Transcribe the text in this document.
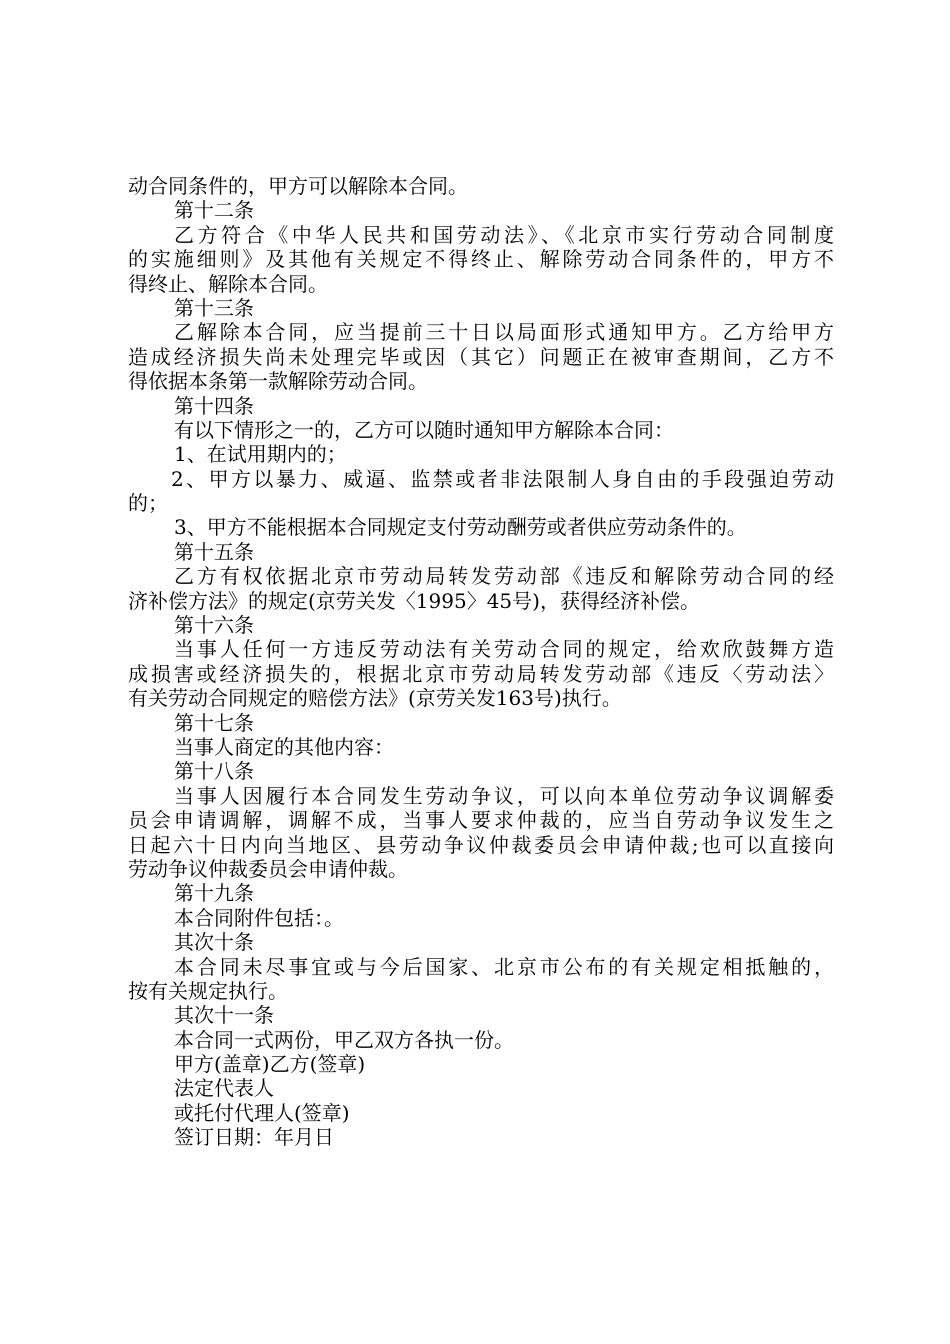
动合同条件的，甲方可以解除本合同。
第十二条
乙方符合《中华人民共和国劳动法》、《北京市实行劳动合同制度
的实施细则》及其他有关规定不得终止、解除劳动合同条件的，甲方不
得终止、解除本合同。
第十三条
乙解除本合同，应当提前三十日以局面形式通知甲方。乙方给甲方
造成经济损失尚未处理完毕或因（其它）问题正在被审查期间，乙方不
得依据本条第一款解除劳动合同。
第十四条
有以下情形之一的，乙方可以随时通知甲方解除本合同：
1、在试用期内的；
2、甲方以暴力、威逼、监禁或者非法限制人身自由的手段强迫劳动
的；
3、甲方不能根据本合同规定支付劳动酬劳或者供应劳动条件的。
第十五条
乙方有权依据北京市劳动局转发劳动部《违反和解除劳动合同的经
济补偿方法》的规定(京劳关发〈1995〉45号)，获得经济补偿。
第十六条
当事人任何一方违反劳动法有关劳动合同的规定，给欢欣鼓舞方造
成损害或经济损失的，根据北京市劳动局转发劳动部《违反〈劳动法〉
有关劳动合同规定的赔偿方法》(京劳关发163号)执行。
第十七条
当事人商定的其他内容：
第十八条
当事人因履行本合同发生劳动争议，可以向本单位劳动争议调解委
员会申请调解，调解不成，当事人要求仲裁的，应当自劳动争议发生之
日起六十日内向当地区、县劳动争议仲裁委员会申请仲裁;也可以直接向
劳动争议仲裁委员会申请仲裁。
第十九条
本合同附件包括：。
其次十条
本合同未尽事宜或与今后国家、北京市公布的有关规定相抵触的，
按有关规定执行。
其次十一条
本合同一式两份，甲乙双方各执一份。
甲方(盖章)乙方(签章)
法定代表人
或托付代理人(签章)
签订日期：年月日
